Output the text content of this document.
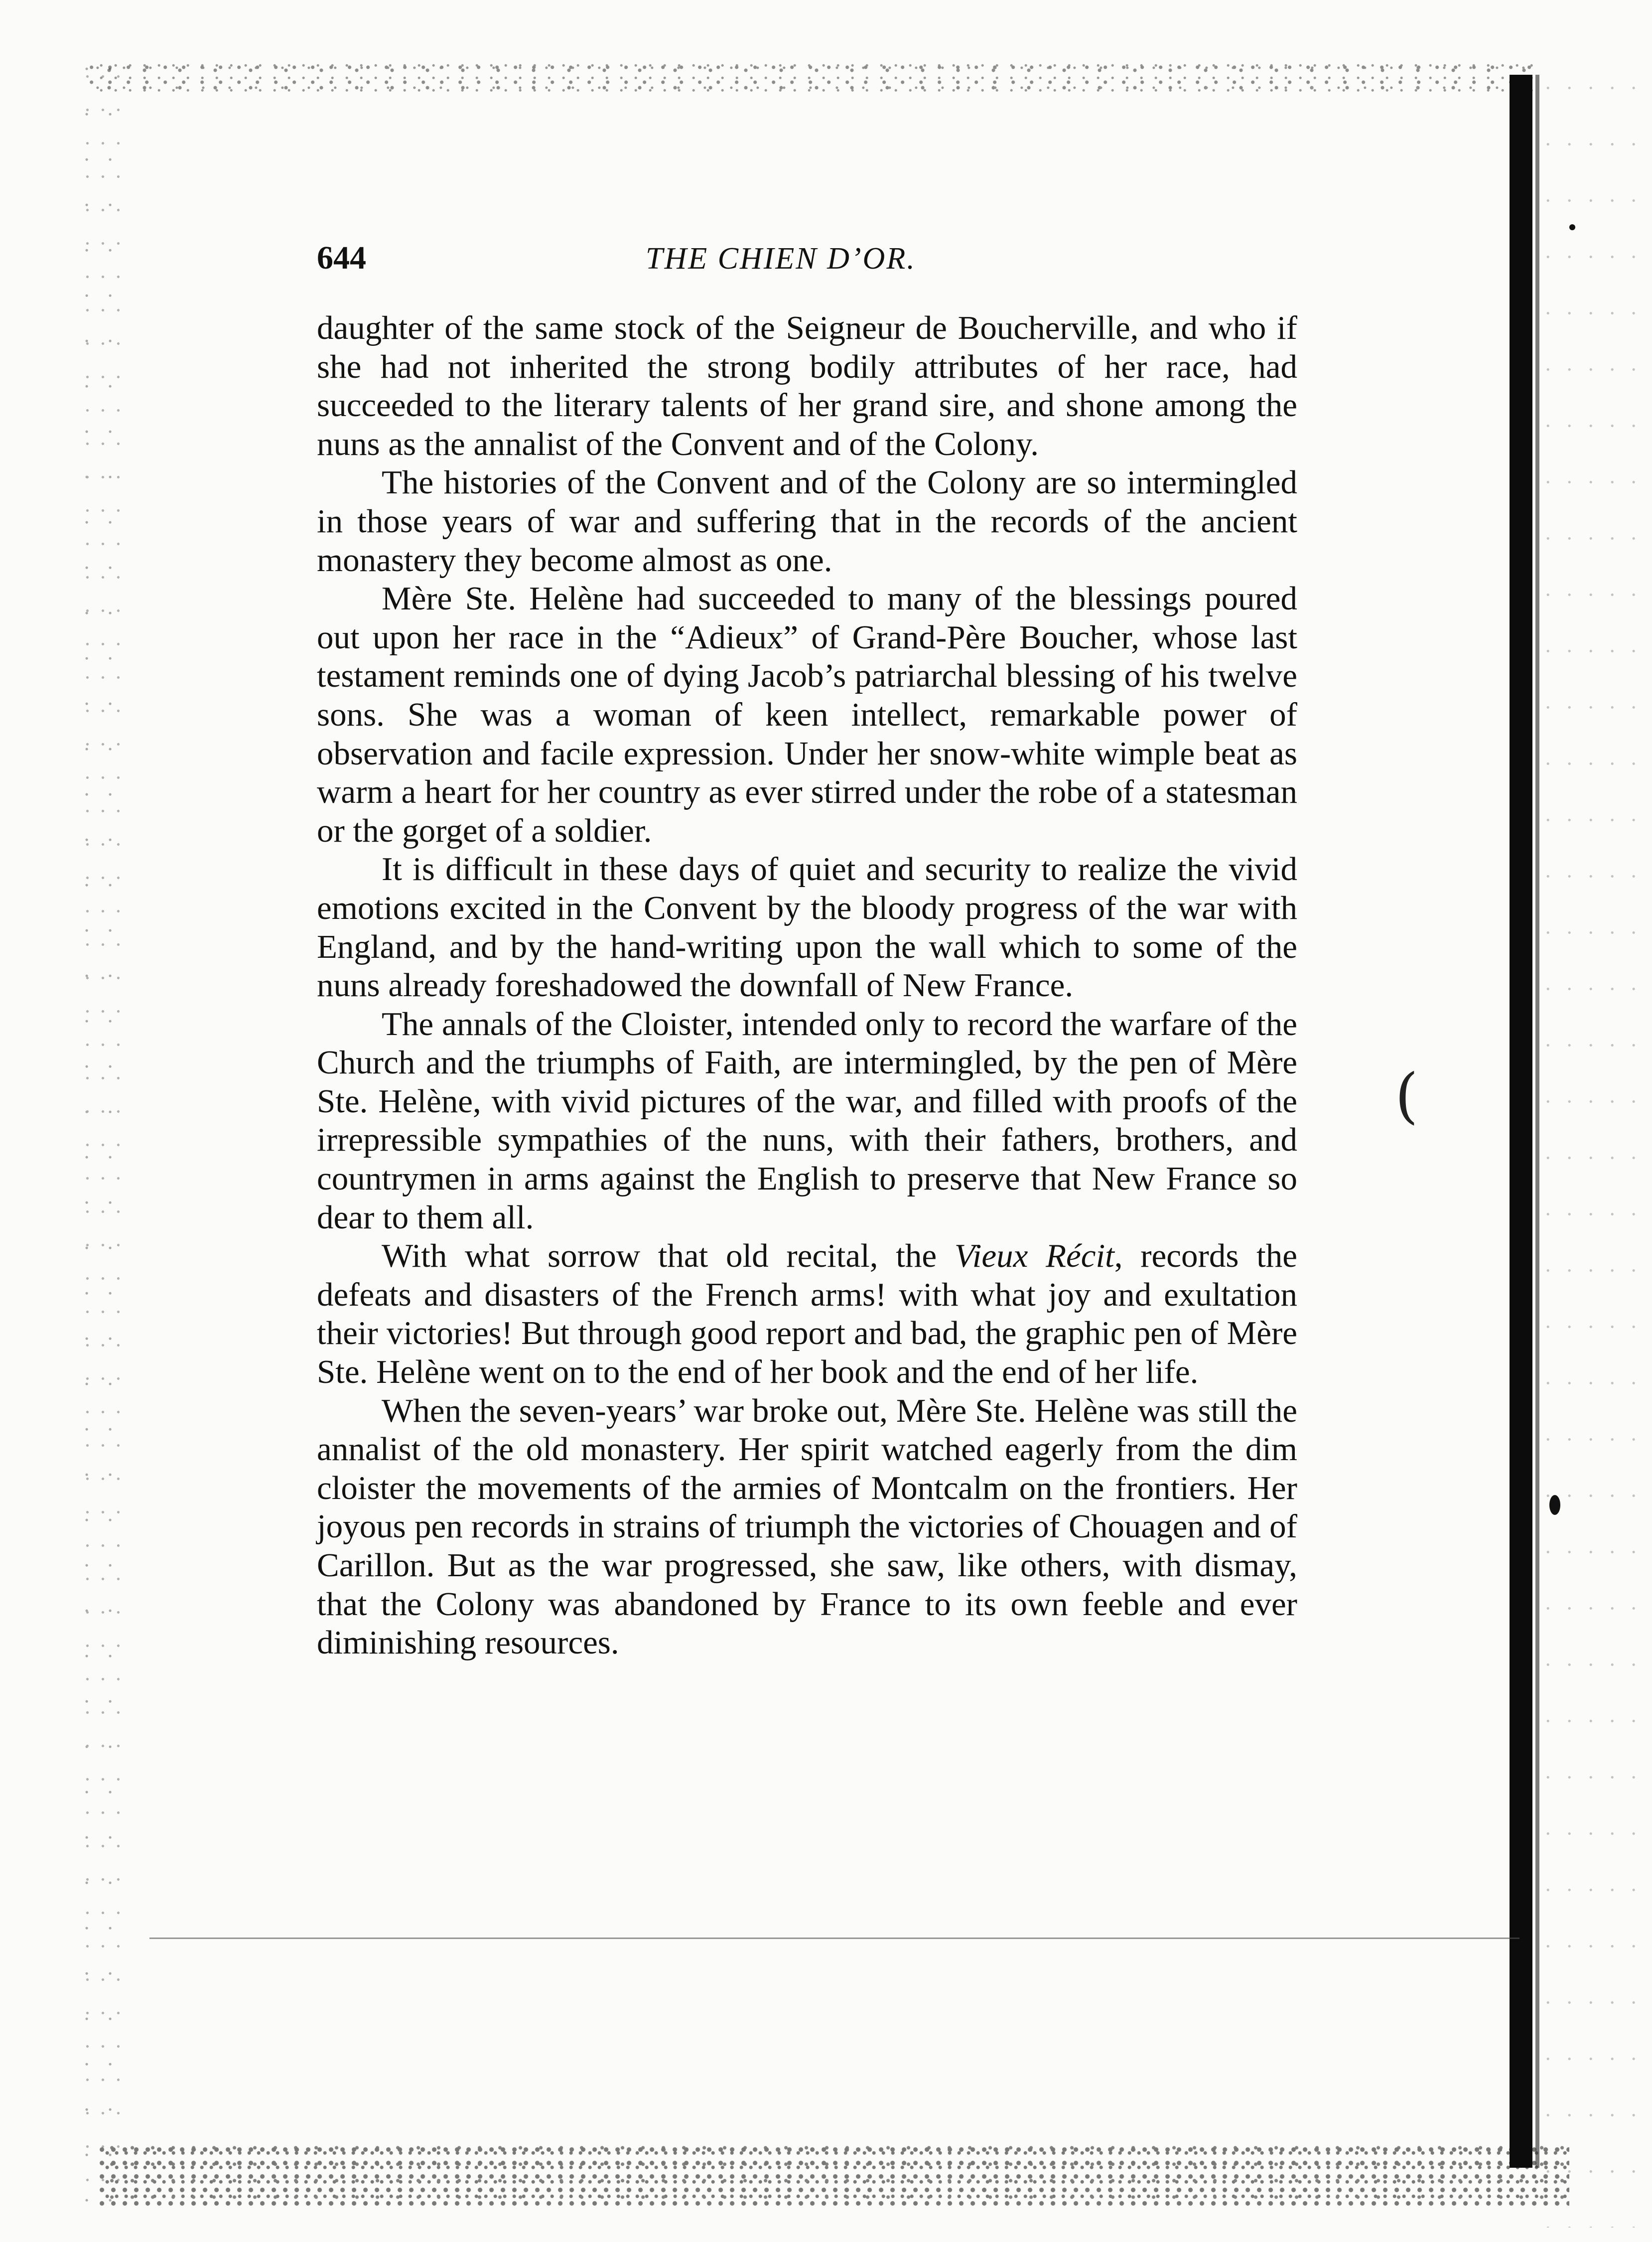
(
644	THE CHIEN D’OR.

daughter of the same stock of the Seigneur de Boucherville, and who if she had not inherited the strong bodily attributes of her race, had succeeded to the literary talents of her grand sire, and shone among the nuns as the annalist of the Convent and of the Colony.

The histories of the Convent and of the Colony are so intermingled in those years of war and suffering that in the records of the ancient monastery they become almost as one.

Mère Ste. Helène had succeeded to many of the blessings poured out upon her race in the “Adieux” of Grand-Père Boucher, whose last testament reminds one of dying Jacob’s patriarchal blessing of his twelve sons. She was a woman of keen intellect, remarkable power of observation and facile expression. Under her snow-white wimple beat as warm a heart for her country as ever stirred under the robe of a statesman or the gorget of a soldier.

It is difficult in these days of quiet and security to realize the vivid emotions excited in the Convent by the bloody progress of the war with England, and by the hand-writing upon the wall which to some of the nuns already foreshadowed the downfall of New France.

The annals of the Cloister, intended only to record the warfare of the Church and the triumphs of Faith, are intermingled, by the pen of Mère Ste. Helène, with vivid pictures of the war, and filled with proofs of the irrepressible sympathies of the nuns, with their fathers, brothers, and countrymen in arms against the English to preserve that New France so dear to them all.

With what sorrow that old recital, the Vieux Récit, records the defeats and disasters of the French arms! with what joy and exultation their victories! But through good report and bad, the graphic pen of Mère Ste. Helène went on to the end of her book and the end of her life.

When the seven-years’ war broke out, Mère Ste. Helène was still the annalist of the old monastery. Her spirit watched eagerly from the dim cloister the movements of the armies of Montcalm on the frontiers. Her joyous pen records in strains of triumph the victories of Chouagen and of Carillon. But as the war progressed, she saw, like others, with dismay, that the Colony was abandoned by France to its own feeble and ever diminishing resources.
